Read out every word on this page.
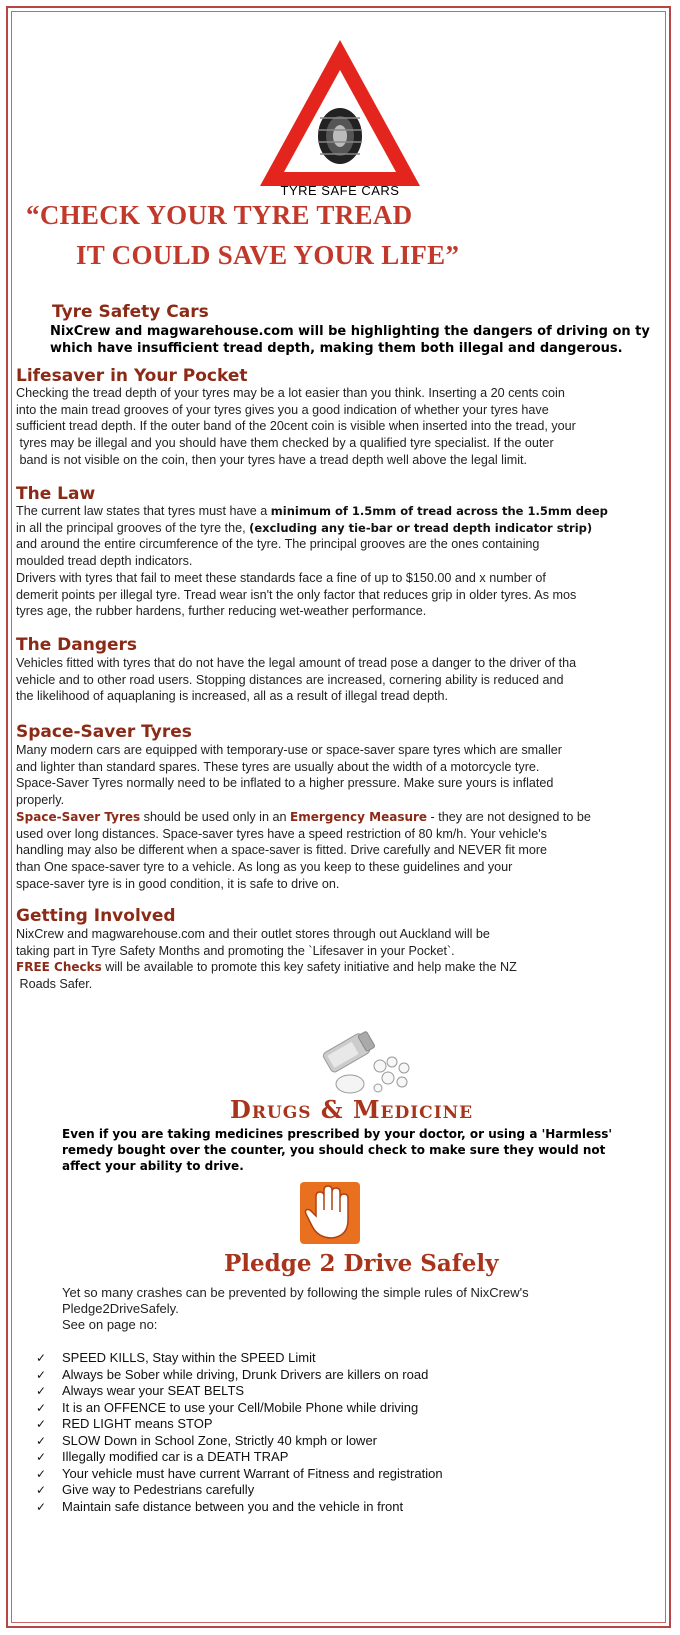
TYRE SAFE CARS
“CHECK YOUR TYRE TREAD
IT COULD SAVE YOUR LIFE”
Tyre Safety Cars
NixCrew and magwarehouse.com will be highlighting the dangers of driving on ty
which have insufficient tread depth, making them both illegal and dangerous.
Lifesaver in Your Pocket
Checking the tread depth of your tyres may be a lot easier than you think. Inserting a 20 cents coin
into the main tread grooves of your tyres gives you a good indication of whether your tyres have
sufficient tread depth. If the outer band of the 20cent coin is visible when inserted into the tread, your
tyres may be illegal and you should have them checked by a qualified tyre specialist. If the outer
band is not visible on the coin, then your tyres have a tread depth well above the legal limit.
The Law
The current law states that tyres must have a minimum of 1.5mm of tread across the 1.5mm deep
in all the principal grooves of the tyre the, (excluding any tie-bar or tread depth indicator strip)
and around the entire circumference of the tyre. The principal grooves are the ones containing
moulded tread depth indicators.
Drivers with tyres that fail to meet these standards face a fine of up to $150.00 and x number of
demerit points per illegal tyre. Tread wear isn't the only factor that reduces grip in older tyres. As mos
tyres age, the rubber hardens, further reducing wet-weather performance.
The Dangers
Vehicles fitted with tyres that do not have the legal amount of tread pose a danger to the driver of tha
vehicle and to other road users. Stopping distances are increased, cornering ability is reduced and
the likelihood of aquaplaning is increased, all as a result of illegal tread depth.
Space-Saver Tyres
Many modern cars are equipped with temporary-use or space-saver spare tyres which are smaller
and lighter than standard spares. These tyres are usually about the width of a motorcycle tyre.
Space-Saver Tyres normally need to be inflated to a higher pressure. Make sure yours is inflated
properly.
Space-Saver Tyres should be used only in an Emergency Measure - they are not designed to be
used over long distances. Space-saver tyres have a speed restriction of 80 km/h. Your vehicle's
handling may also be different when a space-saver is fitted. Drive carefully and NEVER fit more
than One space-saver tyre to a vehicle. As long as you keep to these guidelines and your
space-saver tyre is in good condition, it is safe to drive on.
Getting Involved
NixCrew and magwarehouse.com and their outlet stores through out Auckland will be
taking part in Tyre Safety Months and promoting the `Lifesaver in your Pocket`.
FREE Checks will be available to promote this key safety initiative and help make the NZ
Roads Safer.
Drugs & Medicine
Even if you are taking medicines prescribed by your doctor, or using a 'Harmless'
remedy bought over the counter, you should check to make sure they would not
affect your ability to drive.
Pledge 2 Drive Safely
Yet so many crashes can be prevented by following the simple rules of NixCrew's
Pledge2DriveSafely.
See on page no:
✓ SPEED KILLS, Stay within the SPEED Limit
✓ Always be Sober while driving, Drunk Drivers are killers on road
✓ Always wear your SEAT BELTS
✓ It is an OFFENCE to use your Cell/Mobile Phone while driving
✓ RED LIGHT means STOP
✓ SLOW Down in School Zone, Strictly 40 kmph or lower
✓ Illegally modified car is a DEATH TRAP
✓ Your vehicle must have current Warrant of Fitness and registration
✓ Give way to Pedestrians carefully
✓ Maintain safe distance between you and the vehicle in front
